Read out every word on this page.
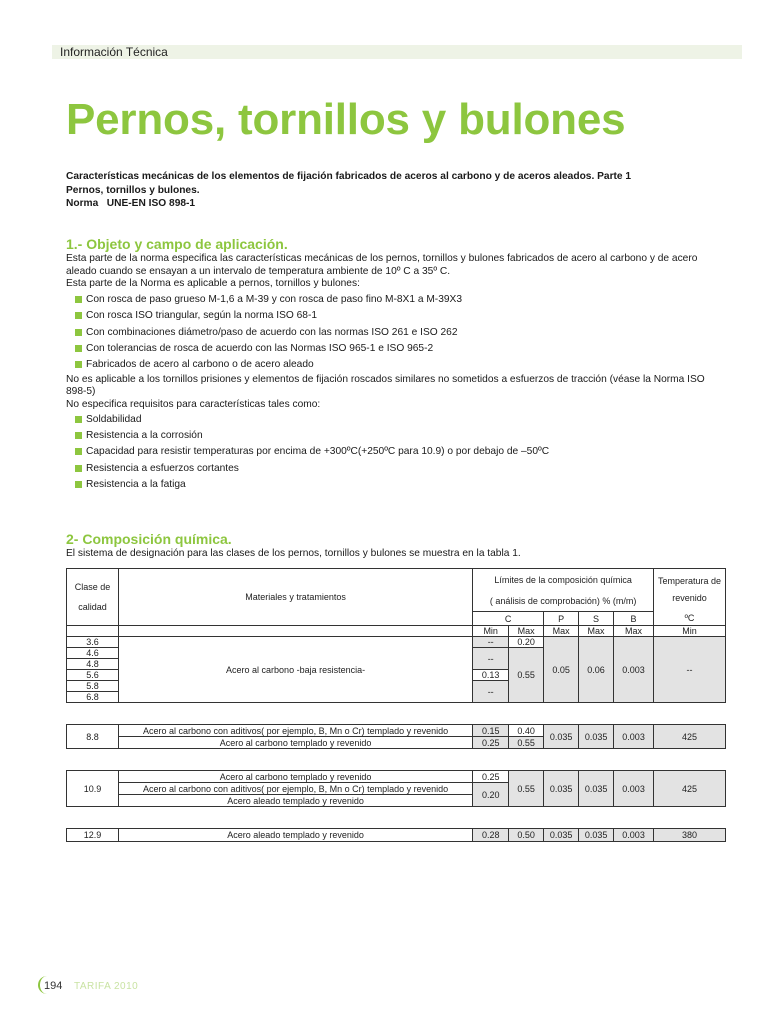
Información Técnica
Pernos, tornillos y bulones
Características mecánicas de los elementos de fijación fabricados de aceros al carbono y de aceros aleados. Parte 1
Pernos, tornillos y bulones.
Norma   UNE-EN ISO 898-1
1.- Objeto y campo de aplicación.
Esta parte de la norma especifica las características mecánicas de los pernos, tornillos y bulones fabricados de acero al carbono y de acero aleado cuando se ensayan a un intervalo de temperatura ambiente de 10º C a 35º C.
Esta parte de la Norma es aplicable a pernos, tornillos y bulones:
Con rosca de paso grueso M-1,6 a M-39 y con rosca de paso fino M-8X1 a M-39X3
Con rosca ISO triangular, según la norma ISO 68-1
Con combinaciones diámetro/paso de acuerdo con las normas ISO 261 e ISO 262
Con tolerancias de rosca de acuerdo con las Normas ISO 965-1 e ISO 965-2
Fabricados de acero al carbono o de acero aleado
No es aplicable a los tornillos prisiones y elementos de fijación roscados similares no sometidos a esfuerzos de tracción (véase la Norma ISO 898-5)
No especifica requisitos para características tales como:
Soldabilidad
Resistencia a la corrosión
Capacidad para resistir temperaturas por encima de +300ºC(+250ºC para 10.9) o por debajo de –50ºC
Resistencia a esfuerzos cortantes
Resistencia a la fatiga
2- Composición química.
El sistema de designación para las clases de los pernos, tornillos y bulones se muestra en la tabla 1.
Clase de calidad	Materiales y tratamientos	Límites de la composición química					Temperatura de revenido
		( análisis de comprobación) % (m/m)					
		C		P	S	B	ºC
		Min	Max	Max	Max	Max	Min
3.6	Acero al carbono -baja resistencia-	--	0.20	0.05	0.06	0.003	--
4.6		--	0.55				
4.8							
5.6		0.13					
5.8		--					
6.8							
8.8	Acero al carbono con aditivos( por ejemplo, B, Mn o Cr) templado y revenido	0.15	0.40	0.035	0.035	0.003	425
	Acero al carbono templado y revenido	0.25	0.55				
10.9	Acero al carbono templado y revenido	0.25	0.55	0.035	0.035	0.003	425
	Acero al carbono con aditivos( por ejemplo, B, Mn o Cr) templado y revenido	0.20					
	Acero aleado templado y revenido						
12.9	Acero aleado templado y revenido	0.28	0.50	0.035	0.035	0.003	380
194 TARIFA 2010
